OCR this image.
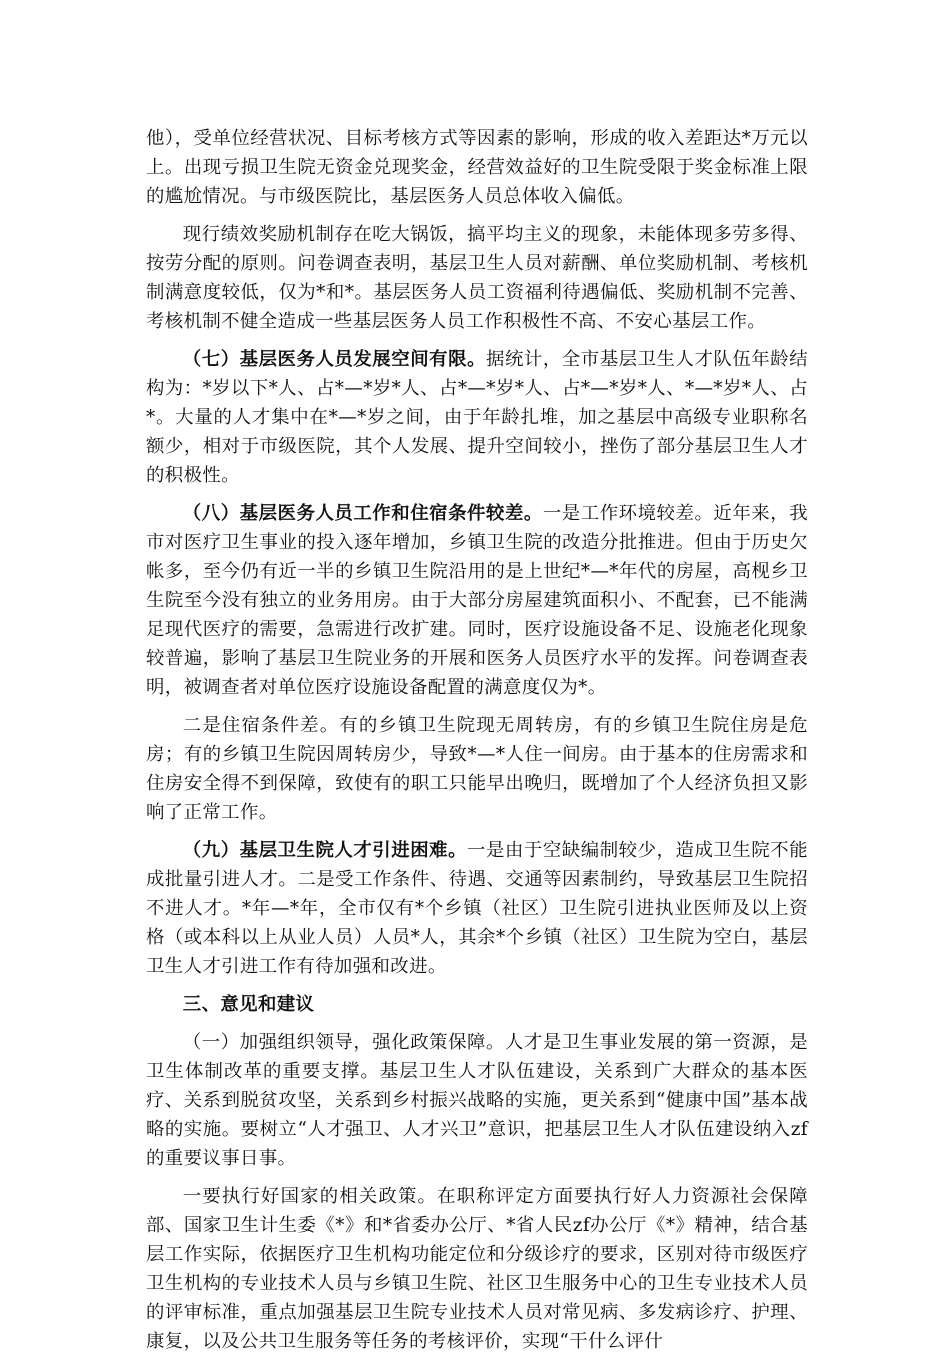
他），受单位经营状况、目标考核方式等因素的影响，形成的收入差距达*万元以上。出现亏损卫生院无资金兑现奖金，经营效益好的卫生院受限于奖金标准上限的尴尬情况。与市级医院比，基层医务人员总体收入偏低。

现行绩效奖励机制存在吃大锅饭，搞平均主义的现象，未能体现多劳多得、按劳分配的原则。问卷调查表明，基层卫生人员对薪酬、单位奖励机制、考核机制满意度较低，仅为*和*。基层医务人员工资福利待遇偏低、奖励机制不完善、考核机制不健全造成一些基层医务人员工作积极性不高、不安心基层工作。

（七）基层医务人员发展空间有限。据统计，全市基层卫生人才队伍年龄结构为：*岁以下*人、占*—*岁*人、占*—*岁*人、占*—*岁*人、*—*岁*人、占*。大量的人才集中在*—*岁之间，由于年龄扎堆，加之基层中高级专业职称名额少，相对于市级医院，其个人发展、提升空间较小，挫伤了部分基层卫生人才的积极性。

（八）基层医务人员工作和住宿条件较差。一是工作环境较差。近年来，我市对医疗卫生事业的投入逐年增加，乡镇卫生院的改造分批推进。但由于历史欠帐多，至今仍有近一半的乡镇卫生院沿用的是上世纪*—*年代的房屋，高枧乡卫生院至今没有独立的业务用房。由于大部分房屋建筑面积小、不配套，已不能满足现代医疗的需要，急需进行改扩建。同时，医疗设施设备不足、设施老化现象较普遍，影响了基层卫生院业务的开展和医务人员医疗水平的发挥。问卷调查表明，被调查者对单位医疗设施设备配置的满意度仅为*。

二是住宿条件差。有的乡镇卫生院现无周转房，有的乡镇卫生院住房是危房；有的乡镇卫生院因周转房少，导致*—*人住一间房。由于基本的住房需求和住房安全得不到保障，致使有的职工只能早出晚归，既增加了个人经济负担又影响了正常工作。

（九）基层卫生院人才引进困难。一是由于空缺编制较少，造成卫生院不能成批量引进人才。二是受工作条件、待遇、交通等因素制约，导致基层卫生院招不进人才。*年—*年，全市仅有*个乡镇（社区）卫生院引进执业医师及以上资格（或本科以上从业人员）人员*人，其余*个乡镇（社区）卫生院为空白，基层卫生人才引进工作有待加强和改进。

三、意见和建议

（一）加强组织领导，强化政策保障。人才是卫生事业发展的第一资源，是卫生体制改革的重要支撑。基层卫生人才队伍建设，关系到广大群众的基本医疗、关系到脱贫攻坚，关系到乡村振兴战略的实施，更关系到“健康中国”基本战略的实施。要树立“人才强卫、人才兴卫”意识，把基层卫生人才队伍建设纳入zf的重要议事日事。

一要执行好国家的相关政策。在职称评定方面要执行好人力资源社会保障部、国家卫生计生委《*》和*省委办公厅、*省人民zf办公厅《*》精神，结合基层工作实际，依据医疗卫生机构功能定位和分级诊疗的要求，区别对待市级医疗卫生机构的专业技术人员与乡镇卫生院、社区卫生服务中心的卫生专业技术人员的评审标准，重点加强基层卫生院专业技术人员对常见病、多发病诊疗、护理、康复，以及公共卫生服务等任务的考核评价，实现“干什么评什
